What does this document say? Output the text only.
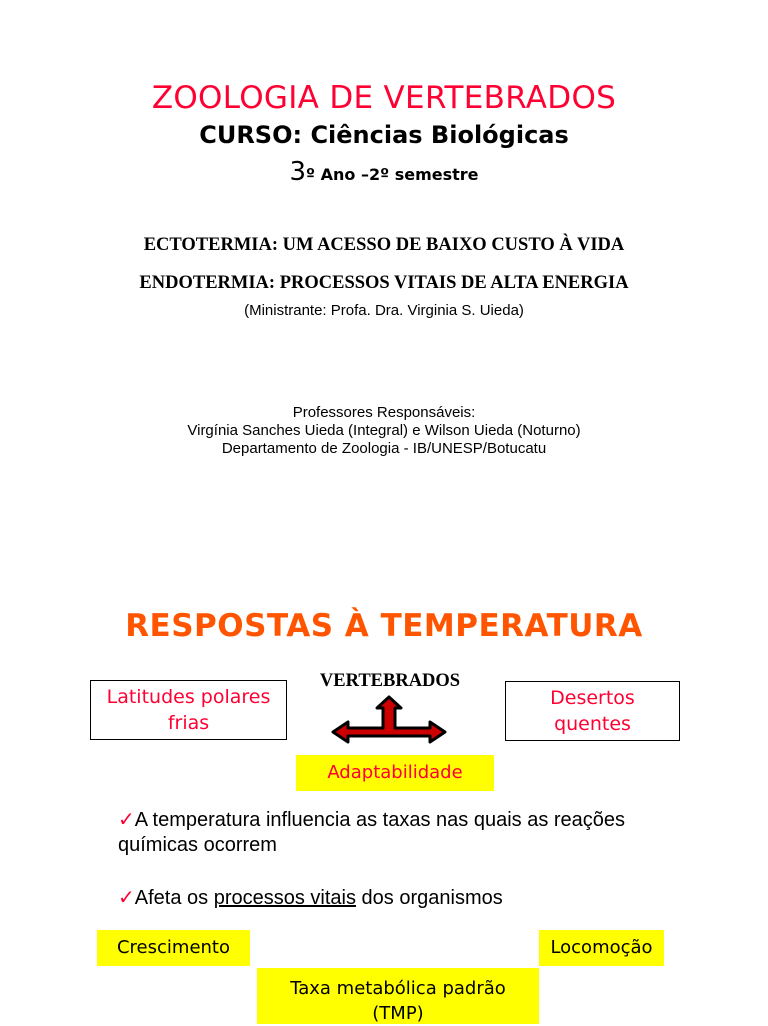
ZOOLOGIA DE VERTEBRADOS
CURSO: Ciências Biológicas
3º Ano –2º semestre
ECTOTERMIA: UM ACESSO DE BAIXO CUSTO À VIDA
ENDOTERMIA: PROCESSOS VITAIS DE ALTA ENERGIA
(Ministrante: Profa. Dra. Virginia S. Uieda)
Professores Responsáveis:
Virgínia Sanches Uieda (Integral) e Wilson Uieda (Noturno)
Departamento de Zoologia - IB/UNESP/Botucatu
RESPOSTAS À TEMPERATURA
VERTEBRADOS
Latitudes polares
frias
Desertos
quentes
Adaptabilidade
✓A temperatura influencia as taxas nas quais as reações
químicas ocorrem
✓Afeta os processos vitais dos organismos
Crescimento	Locomoção
Taxa metabólica padrão
(TMP)
